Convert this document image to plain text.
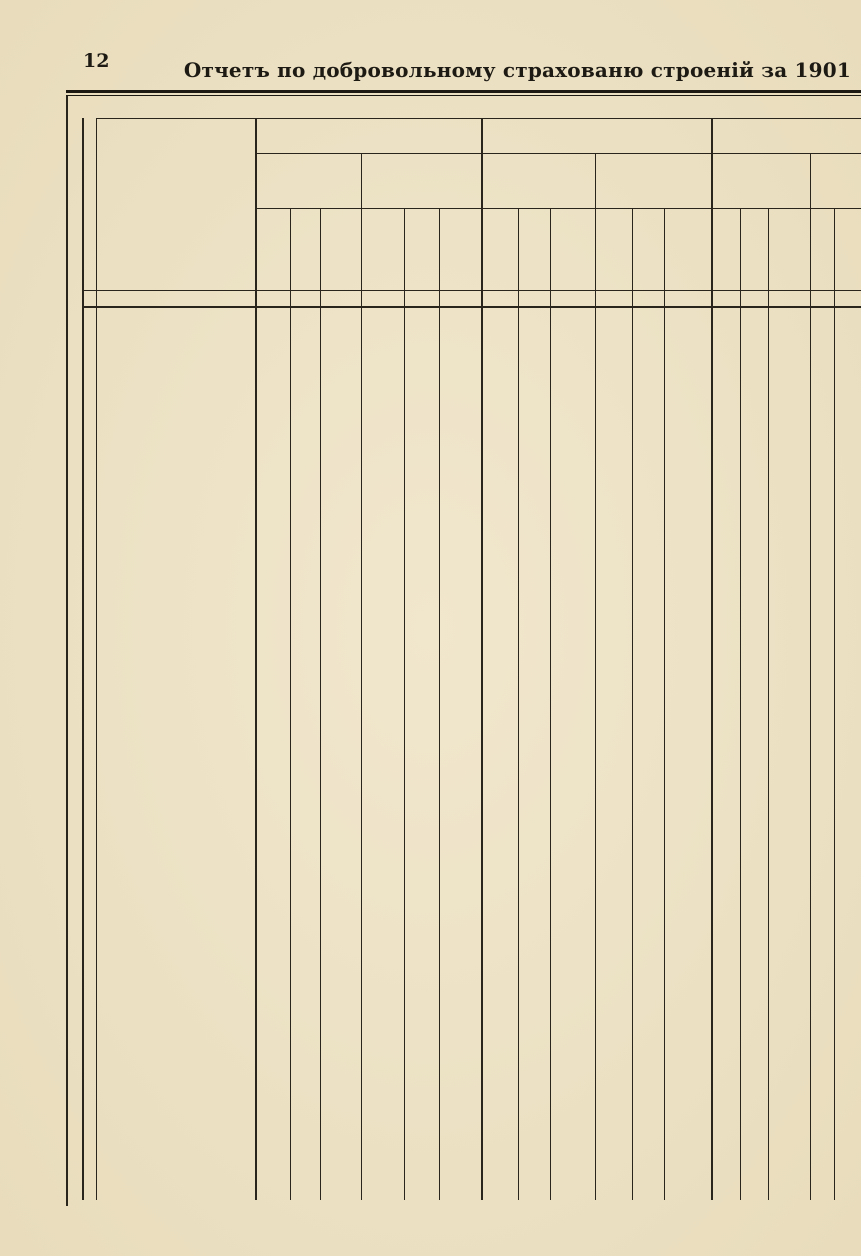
12	Отчетъ по добровольному страхованю строеній за 1901
